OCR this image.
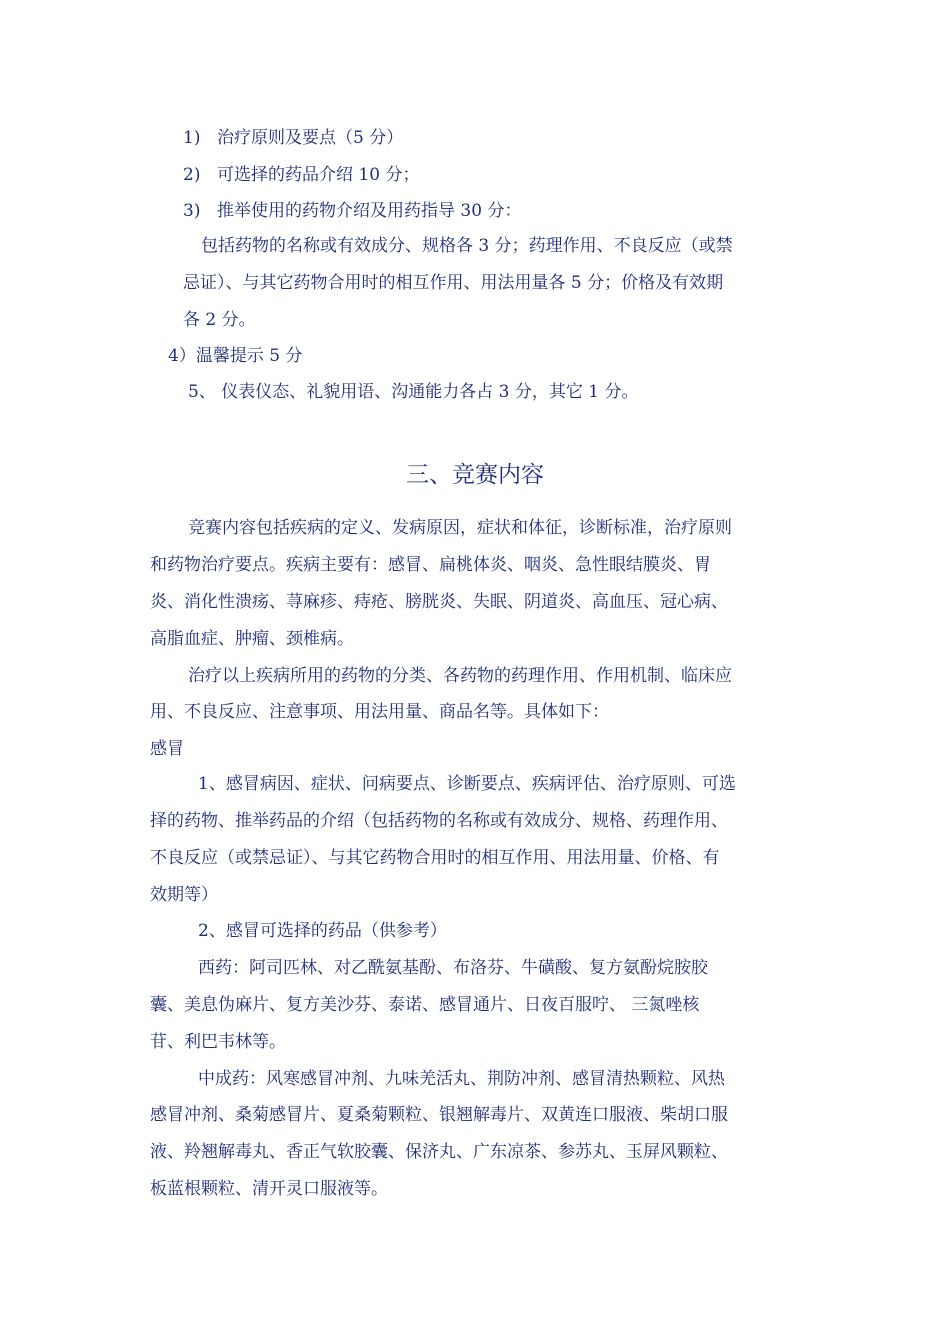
1) 治疗原则及要点（5 分）
2) 可选择的药品介绍 10 分；
3) 推举使用的药物介绍及用药指导 30 分：
包括药物的名称或有效成分、规格各 3 分；药理作用、不良反应（或禁
忌证）、与其它药物合用时的相互作用、用法用量各 5 分；价格及有效期
各 2 分。
4）温馨提示 5 分
5、 仪表仪态、礼貌用语、沟通能力各占 3 分，其它 1 分。
三、竞赛内容
竞赛内容包括疾病的定义、发病原因，症状和体征，诊断标准，治疗原则
和药物治疗要点。疾病主要有：感冒、扁桃体炎、咽炎、急性眼结膜炎、胃
炎、消化性溃疡、荨麻疹、痔疮、膀胱炎、失眠、阴道炎、高血压、冠心病、
高脂血症、肿瘤、颈椎病。
治疗以上疾病所用的药物的分类、各药物的药理作用、作用机制、临床应
用、不良反应、注意事项、用法用量、商品名等。具体如下：
感冒
1、感冒病因、症状、问病要点、诊断要点、疾病评估、治疗原则、可选
择的药物、推举药品的介绍（包括药物的名称或有效成分、规格、药理作用、
不良反应（或禁忌证）、与其它药物合用时的相互作用、用法用量、价格、有
效期等）
2、感冒可选择的药品（供参考）
西药：阿司匹林、对乙酰氨基酚、布洛芬、牛磺酸、复方氨酚烷胺胶
囊、美息伪麻片、复方美沙芬、泰诺、感冒通片、日夜百服咛、 三氮唑核
苷、利巴韦林等。
中成药：风寒感冒冲剂、九味羌活丸、荆防冲剂、感冒清热颗粒、风热
感冒冲剂、桑菊感冒片、夏桑菊颗粒、银翘解毒片、双黄连口服液、柴胡口服
液、羚翘解毒丸、香正气软胶囊、保济丸、广东凉茶、参苏丸、玉屏风颗粒、
板蓝根颗粒、清开灵口服液等。
